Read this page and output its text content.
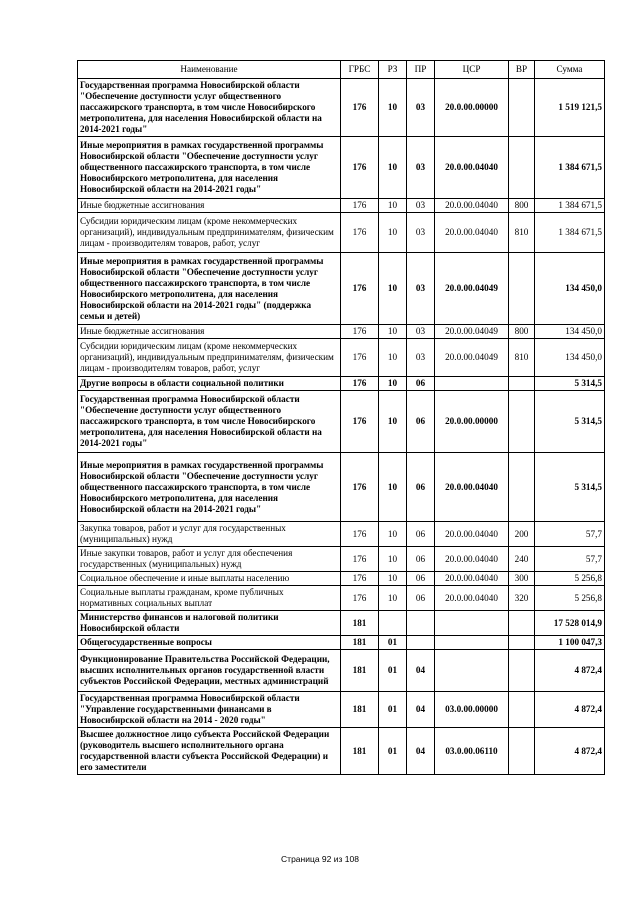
Наименование	ГРБС	РЗ	ПР	ЦСР	ВР	Сумма
Государственная программа Новосибирской области "Обеспечение доступности услуг общественного пассажирского транспорта, в том числе Новосибирского метрополитена, для населения Новосибирской области на 2014-2021 годы"	176	10	03	20.0.00.00000		1 519 121,5
Иные мероприятия в рамках государственной программы Новосибирской области "Обеспечение доступности услуг общественного пассажирского транспорта, в том числе Новосибирского метрополитена, для населения Новосибирской области на 2014-2021 годы"	176	10	03	20.0.00.04040		1 384 671,5
Иные бюджетные ассигнования	176	10	03	20.0.00.04040	800	1 384 671,5
Субсидии юридическим лицам (кроме некоммерческих организаций), индивидуальным предпринимателям, физическим лицам - производителям товаров, работ, услуг	176	10	03	20.0.00.04040	810	1 384 671,5
Иные мероприятия в рамках государственной программы Новосибирской области "Обеспечение доступности услуг общественного пассажирского транспорта, в том числе Новосибирского метрополитена, для населения Новосибирской области на 2014-2021 годы" (поддержка семьи и детей)	176	10	03	20.0.00.04049		134 450,0
Иные бюджетные ассигнования	176	10	03	20.0.00.04049	800	134 450,0
Субсидии юридическим лицам (кроме некоммерческих организаций), индивидуальным предпринимателям, физическим лицам - производителям товаров, работ, услуг	176	10	03	20.0.00.04049	810	134 450,0
Другие вопросы в области социальной политики	176	10	06			5 314,5
Государственная программа Новосибирской области "Обеспечение доступности услуг общественного пассажирского транспорта, в том числе Новосибирского метрополитена, для населения Новосибирской области на 2014-2021 годы"	176	10	06	20.0.00.00000		5 314,5
Иные мероприятия в рамках государственной программы Новосибирской области "Обеспечение доступности услуг общественного пассажирского транспорта, в том числе Новосибирского метрополитена, для населения Новосибирской области на 2014-2021 годы"	176	10	06	20.0.00.04040		5 314,5
Закупка товаров, работ и услуг для государственных (муниципальных) нужд	176	10	06	20.0.00.04040	200	57,7
Иные закупки товаров, работ и услуг для обеспечения государственных (муниципальных) нужд	176	10	06	20.0.00.04040	240	57,7
Социальное обеспечение и иные выплаты населению	176	10	06	20.0.00.04040	300	5 256,8
Социальные выплаты гражданам, кроме публичных нормативных социальных выплат	176	10	06	20.0.00.04040	320	5 256,8
Министерство финансов и налоговой политики Новосибирской области	181					17 528 014,9
Общегосударственные вопросы	181	01				1 100 047,3
Функционирование Правительства Российской Федерации, высших исполнительных органов государственной власти субъектов Российской Федерации, местных администраций	181	01	04			4 872,4
Государственная программа Новосибирской области "Управление государственными финансами в Новосибирской области на 2014 - 2020 годы"	181	01	04	03.0.00.00000		4 872,4
Высшее должностное лицо субъекта Российской Федерации (руководитель высшего исполнительного органа государственной власти субъекта Российской Федерации) и его заместители	181	01	04	03.0.00.06110		4 872,4
Страница 92 из 108
